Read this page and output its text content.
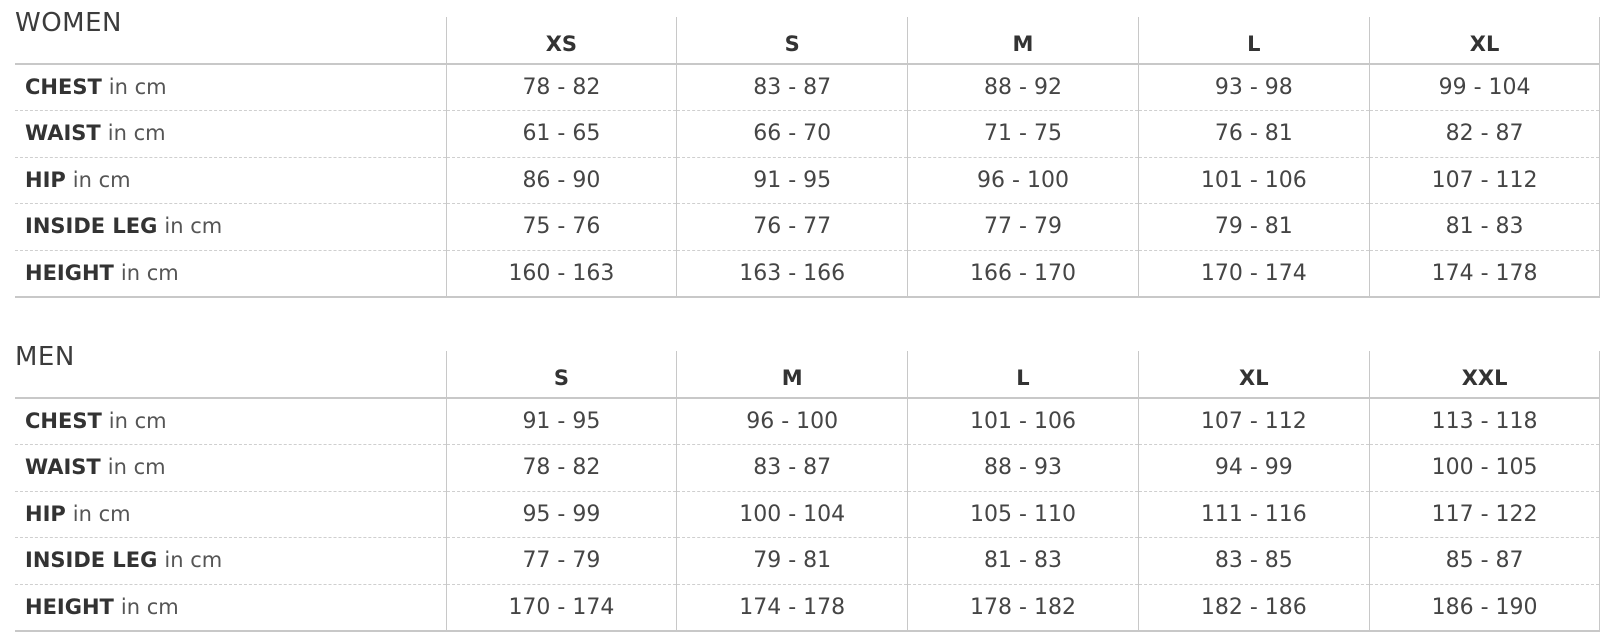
WOMEN
	XS	S	M	L	XL
CHEST in cm	78 - 82	83 - 87	88 - 92	93 - 98	99 - 104
WAIST in cm	61 - 65	66 - 70	71 - 75	76 - 81	82 - 87
HIP in cm	86 - 90	91 - 95	96 - 100	101 - 106	107 - 112
INSIDE LEG in cm	75 - 76	76 - 77	77 - 79	79 - 81	81 - 83
HEIGHT in cm	160 - 163	163 - 166	166 - 170	170 - 174	174 - 178
MEN
	S	M	L	XL	XXL
CHEST in cm	91 - 95	96 - 100	101 - 106	107 - 112	113 - 118
WAIST in cm	78 - 82	83 - 87	88 - 93	94 - 99	100 - 105
HIP in cm	95 - 99	100 - 104	105 - 110	111 - 116	117 - 122
INSIDE LEG in cm	77 - 79	79 - 81	81 - 83	83 - 85	85 - 87
HEIGHT in cm	170 - 174	174 - 178	178 - 182	182 - 186	186 - 190
